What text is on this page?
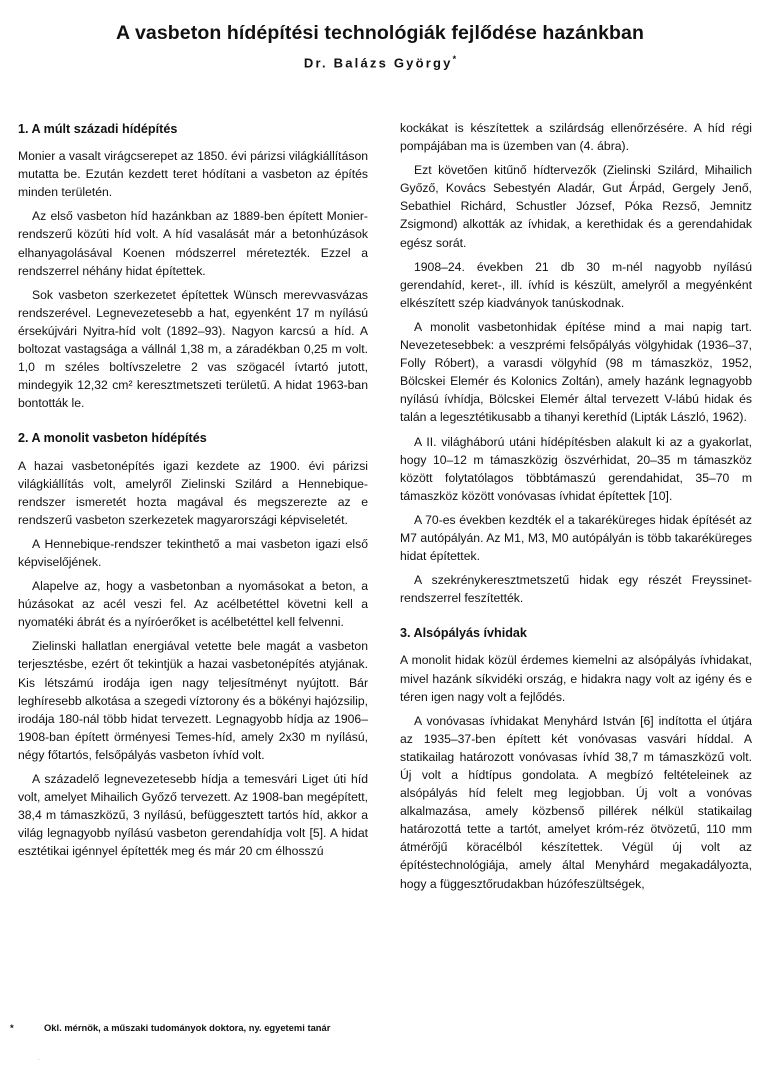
A vasbeton hídépítési technológiák fejlődése hazánkban
Dr. Balázs György*
1. A múlt századi hídépítés

Monier a vasalt virágcserepet az 1850. évi párizsi világkiállításon mutatta be. Ezután kezdett teret hódítani a vasbeton az építés minden területén.

Az első vasbeton híd hazánkban az 1889-ben épített Monier-rendszerű közúti híd volt. A híd vasalását már a betonhúzások elhanyagolásával Koenen módszerrel méretezték. Ezzel a rendszerrel néhány hidat építettek.

Sok vasbeton szerkezetet építettek Wünsch merevvasvázas rendszerével. Legnevezetesebb a hat, egyenként 17 m nyílású érsekújvári Nyitra-híd volt (1892–93). Nagyon karcsú a híd. A boltozat vastagsága a vállnál 1,38 m, a záradékban 0,25 m volt. 1,0 m széles boltívszeletre 2 vas szögacél ívtartó jutott, mindegyik 12,32 cm² keresztmetszeti területű. A hidat 1963-ban bontották le.

2. A monolit vasbeton hídépítés

A hazai vasbetonépítés igazi kezdete az 1900. évi párizsi világkiállítás volt, amelyről Zielinski Szilárd a Hennebique-rendszer ismeretét hozta magával és megszerezte az e rendszerű vasbeton szerkezetek magyarországi képviseletét.

A Hennebique-rendszer tekinthető a mai vasbeton igazi első képviselőjének.

Alapelve az, hogy a vasbetonban a nyomásokat a beton, a húzásokat az acél veszi fel. Az acélbetéttel követni kell a nyomatéki ábrát és a nyíróerőket is acélbetéttel kell felvenni.

Zielinski hallatlan energiával vetette bele magát a vasbeton terjesztésbe, ezért őt tekintjük a hazai vasbetonépítés atyjának. Kis létszámú irodája igen nagy teljesítményt nyújtott. Bár leghíresebb alkotása a szegedi víztorony és a bökényi hajózsilip, irodája 180-nál több hidat tervezett. Legnagyobb hídja az 1906–1908-ban épített örményesi Temes-híd, amely 2x30 m nyílású, négy főtartós, felsőpályás vasbeton ívhíd volt.

A századelő legnevezetesebb hídja a temesvári Liget úti híd volt, amelyet Mihailich Győző tervezett. Az 1908-ban megépített, 38,4 m támaszközű, 3 nyílású, befüggesztett tartós híd, akkor a világ legnagyobb nyílású vasbeton gerendahídja volt [5]. A hidat esztétikai igénnyel építették meg és már 20 cm élhosszú

kockákat is készítettek a szilárdság ellenőrzésére. A híd régi pompájában ma is üzemben van (4. ábra).

Ezt követően kitűnő hídtervezők (Zielinski Szilárd, Mihailich Győző, Kovács Sebestyén Aladár, Gut Árpád, Gergely Jenő, Sebathiel Richárd, Schustler József, Póka Rezső, Jemnitz Zsigmond) alkották az ívhidak, a kerethidak és a gerendahidak egész sorát.

1908–24. években 21 db 30 m-nél nagyobb nyílású gerendahíd, keret-, ill. ívhíd is készült, amelyről a megyénként elkészített szép kiadványok tanúskodnak.

A monolit vasbetonhidak építése mind a mai napig tart. Nevezetesebbek: a veszprémi felsőpályás völgyhidak (1936–37, Folly Róbert), a varasdi völgyhíd (98 m támaszköz, 1952, Bölcskei Elemér és Kolonics Zoltán), amely hazánk legnagyobb nyílású ívhídja, Bölcskei Elemér által tervezett V-lábú hidak és talán a legesztétikusabb a tihanyi kerethíd (Lipták László, 1962).

A II. világháború utáni hídépítésben alakult ki az a gyakorlat, hogy 10–12 m támaszközig öszvérhidat, 20–35 m támaszköz között folytatólagos többtámaszú gerendahidat, 35–70 m támaszköz között vonóvasas ívhidat építettek [10].

A 70-es években kezdték el a takaréküreges hidak építését az M7 autópályán. Az M1, M3, M0 autópályán is több takaréküreges hidat építettek.

A szekrénykeresztmetszetű hidak egy részét Freyssinet-rendszerrel feszítették.

3. Alsópályás ívhidak

A monolit hidak közül érdemes kiemelni az alsópályás ívhidakat, mivel hazánk síkvidéki ország, e hidakra nagy volt az igény és e téren igen nagy volt a fejlődés.

A vonóvasas ívhidakat Menyhárd István [6] indította el útjára az 1935–37-ben épített két vonóvasas vasvári híddal. A statikailag határozott vonóvasas ívhíd 38,7 m támaszközű volt. Új volt a hídtípus gondolata. A megbízó feltételeinek az alsópályás híd felelt meg legjobban. Új volt a vonóvas alkalmazása, amely közbenső pillérek nélkül statikailag határozottá tette a tartót, amelyet króm-réz ötvözetű, 110 mm átmérőjű köracélból készítettek. Végül új volt az építéstechnológiája, amely által Menyhárd megakadályozta, hogy a függesztőrudakban húzófeszültségek,

*	Okl. mérnök, a műszaki tudományok doktora, ny. egyetemi tanár
·
